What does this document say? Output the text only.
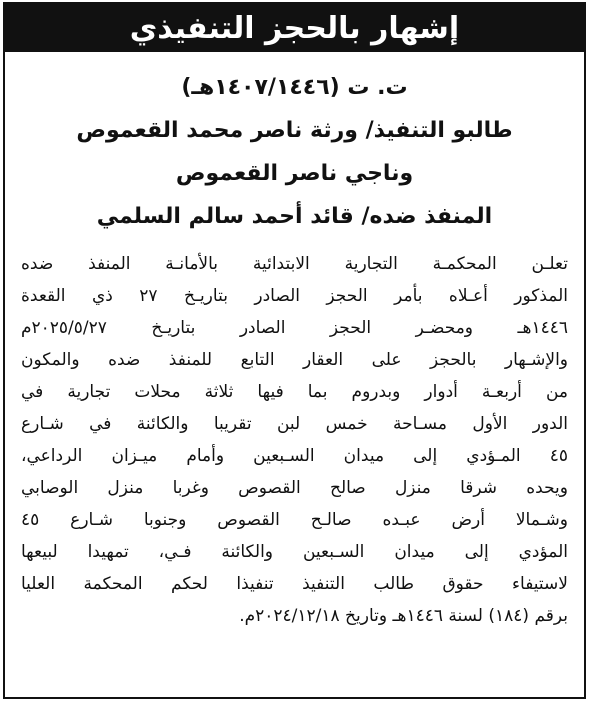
إشهار بالحجز التنفيذي
ت. ت (١٤٠٧/١٤٤٦هـ)
طالبو التنفيذ/ ورثة ناصر محمد القعموص
وناجي ناصر القعموص
المنفذ ضده/ قائد أحمد سالم السلمي
تعلـن المحكمـة التجارية الابتدائية بالأمانـة المنفذ ضده
المذكور أعـلاه بأمر الحجز الصادر بتاريـخ ٢٧ ذي القعدة
١٤٤٦هـ ومحضـر الحجز الصادر بتاريـخ ٢٠٢٥/٥/٢٧م
والإشـهار بالحجز على العقار التابع للمنفذ ضده والمكون
من أربعـة أدوار وبدروم بما فيها ثلاثة محلات تجارية في
الدور الأول مسـاحة خمس لبن تقريبا والكائنة في شـارع
٤٥ المـؤدي إلى ميدان السـبعين وأمام ميـزان الرداعي،
ويحده شرقا منزل صالح القصوص وغربا منزل الوصابي
وشـمالا أرض عبـده صالـح القصوص وجنوبا شـارع ٤٥
المؤدي إلى ميدان السـبعين والكائنة فـي، تمهيدا لبيعها
لاستيفاء حقوق طالب التنفيذ تنفيذا لحكم المحكمة العليا
برقم (١٨٤) لسنة ١٤٤٦هـ وتاريخ ٢٠٢٤/١٢/١٨م.
